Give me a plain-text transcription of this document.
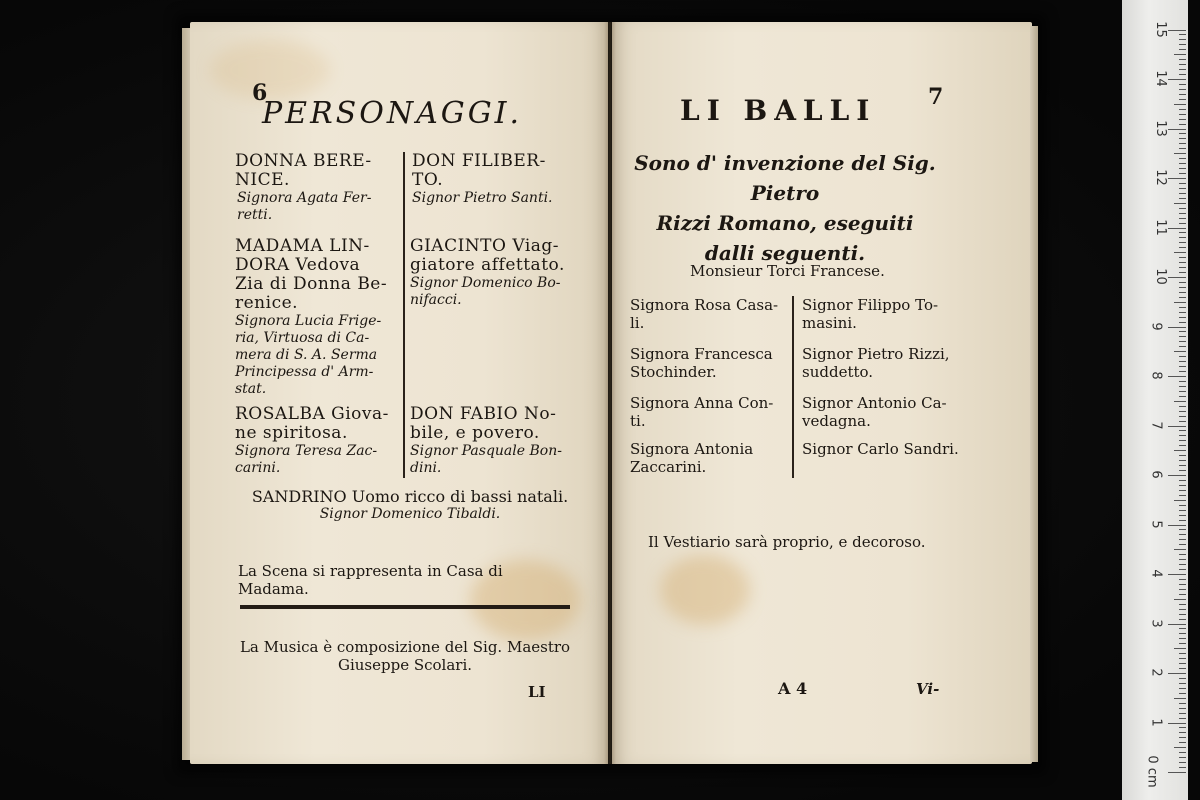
6
PERSONAGGI.
DONNA BERE-
NICE.
Signora Agata Fer-
retti.
DON FILIBER-
TO.
Signor Pietro Santi.
MADAMA LIN-
DORA Vedova
Zia di Donna Be-
renice.
Signora Lucia Frige-
ria, Virtuosa di Ca-
mera di S. A. Serma
Principessa d' Arm-
stat.
GIACINTO Viag-
giatore affettato.
Signor Domenico Bo-
nifacci.
ROSALBA Giova-
ne spiritosa.
Signora Teresa Zac-
carini.
DON FABIO No-
bile, e povero.
Signor Pasquale Bon-
dini.
SANDRINO Uomo ricco di bassi natali.
Signor Domenico Tibaldi.
La Scena si rappresenta in Casa di Madama.
La Musica è composizione del Sig. Maestro
Giuseppe Scolari.
LI
7
LI BALLI
Sono d' invenzione del Sig. Pietro
Rizzi Romano, eseguiti
dalli seguenti.
Monsieur Torci Francese.
Signora Rosa Casa-
li.
Signora Francesca
Stochinder.
Signora Anna Con-
ti.
Signora Antonia
Zaccarini.
Signor Filippo To-
masini.
Signor Pietro Rizzi,
suddetto.
Signor Antonio Ca-
vedagna.
Signor Carlo Sandri.
Il Vestiario sarà proprio, e decoroso.
A 4	Vi-
0 cm
1
2
3
4
5
6
7
8
9
10
11
12
13
14
15
